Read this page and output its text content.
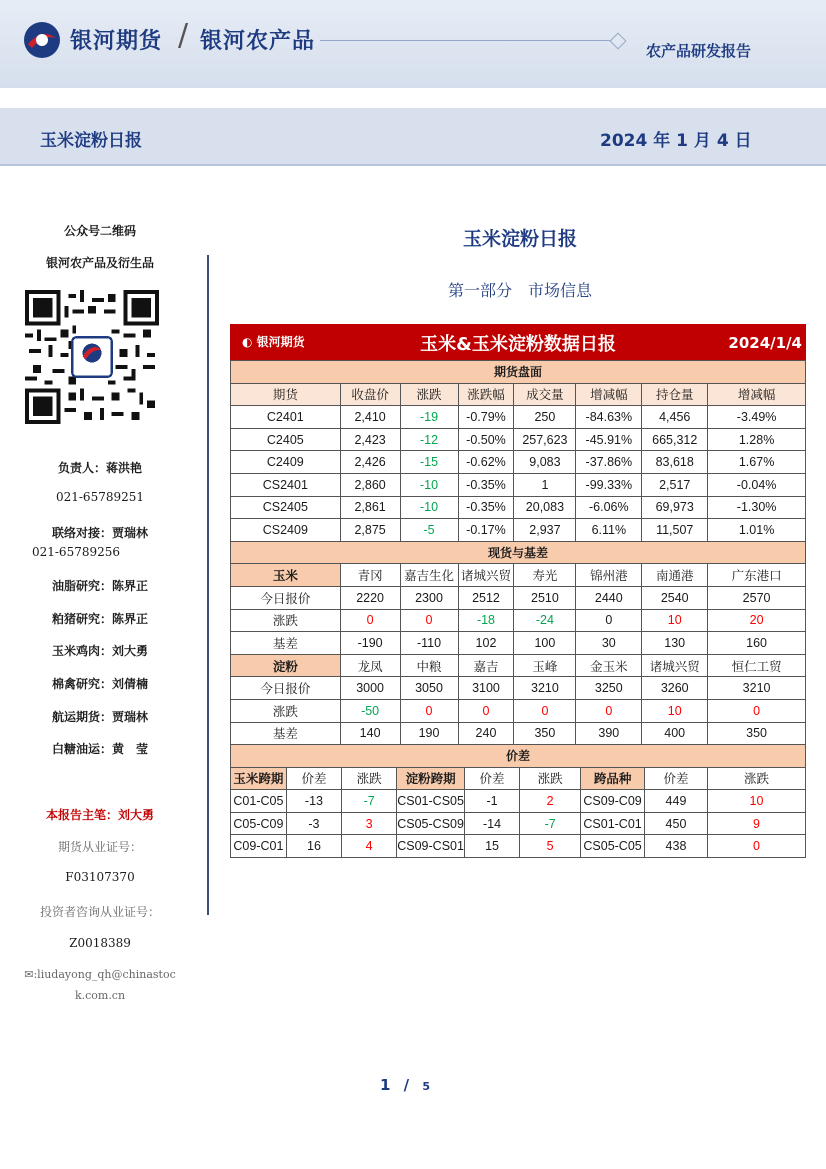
银河期货 / 银河农产品	农产品研发报告
玉米淀粉日报	2024 年 1 月 4 日
公众号二维码
银河农产品及衍生品
负责人：蒋洪艳
021-65789251
联络对接：贾瑞林
021-65789256
油脂研究：陈界正
粕猪研究：陈界正
玉米鸡肉：刘大勇
棉禽研究：刘倩楠
航运期货：贾瑞林
白糖油运：黄　莹
本报告主笔：刘大勇
期货从业证号：
F03107370
投资者咨询从业证号：
Z0018389
✉:liudayong_qh@chinastoc
k.com.cn
玉米淀粉日报
第一部分　市场信息
◐ 银河期货	玉米&玉米淀粉数据日报	2024/1/4
期货盘面							
期货	收盘价	涨跌	涨跌幅	成交量	增减幅	持仓量	增减幅
C2401	2,410	-19	-0.79%	250	-84.63%	4,456	-3.49%
C2405	2,423	-12	-0.50%	257,623	-45.91%	665,312	1.28%
C2409	2,426	-15	-0.62%	9,083	-37.86%	83,618	1.67%
CS2401	2,860	-10	-0.35%	1	-99.33%	2,517	-0.04%
CS2405	2,861	-10	-0.35%	20,083	-6.06%	69,973	-1.30%
CS2409	2,875	-5	-0.17%	2,937	6.11%	11,507	1.01%
现货与基差							
玉米	青冈	嘉吉生化	诸城兴贸	寿光	锦州港	南通港	广东港口
今日报价	2220	2300	2512	2510	2440	2540	2570
涨跌	0	0	-18	-24	0	10	20
基差	-190	-110	102	100	30	130	160
淀粉	龙凤	中粮	嘉吉	玉峰	金玉米	诸城兴贸	恒仁工贸
今日报价	3000	3050	3100	3210	3250	3260	3210
涨跌	-50	0	0	0	0	10	0
基差	140	190	240	350	390	400	350
价差								
玉米跨期	价差	涨跌	淀粉跨期	价差	涨跌	跨品种	价差	涨跌
C01-C05	-13	-7	CS01-CS05	-1	2	CS09-C09	449	10
C05-C09	-3	3	CS05-CS09	-14	-7	CS01-C01	450	9
C09-C01	16	4	CS09-CS01	15	5	CS05-C05	438	0
1 / 5
